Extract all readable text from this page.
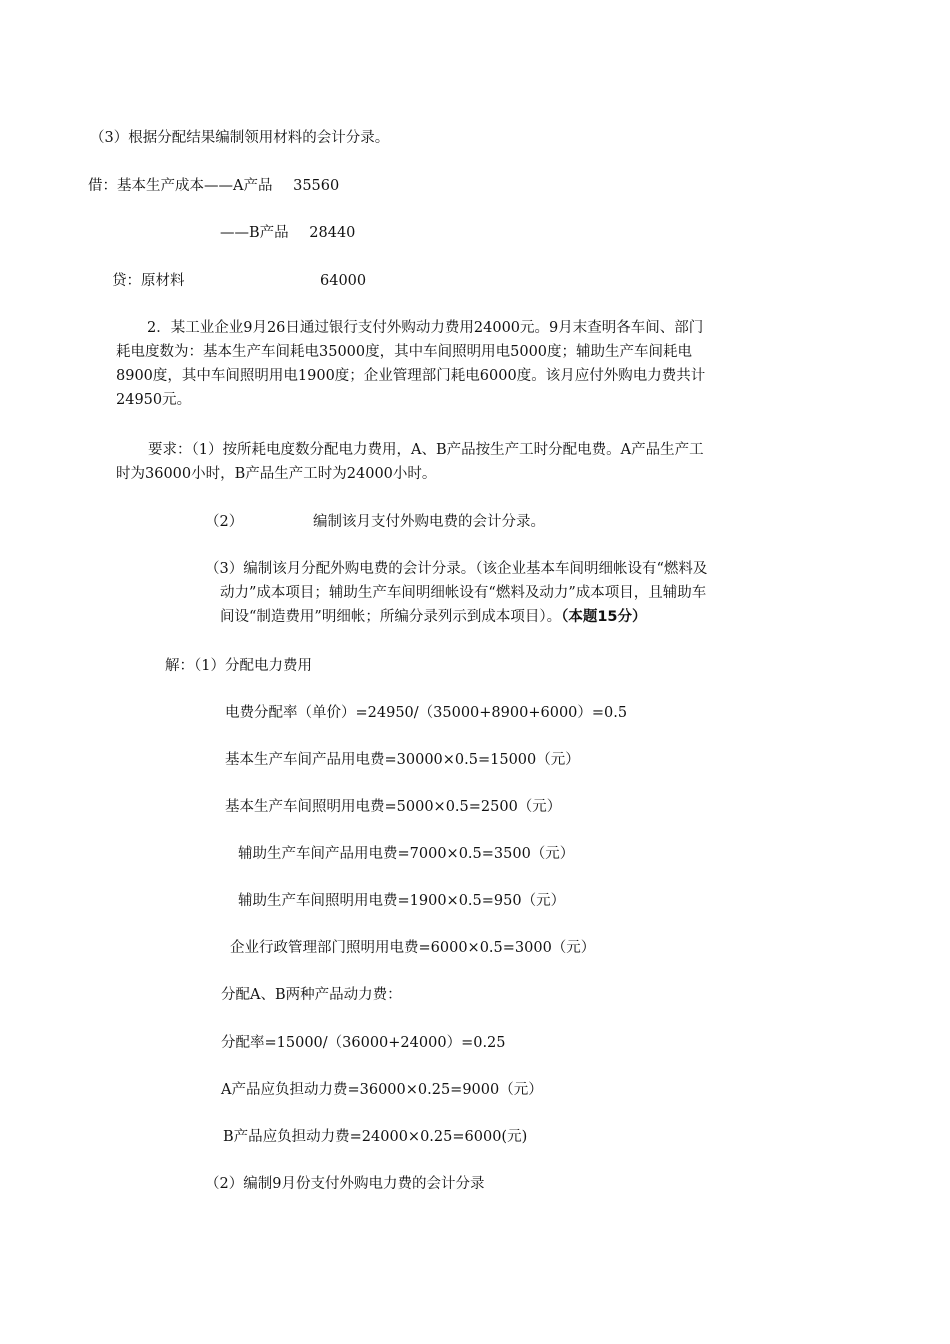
（3）根据分配结果编制领用材料的会计分录。
借：基本生产成本——A产品 35560
——B产品 28440
贷：原材料	64000
2．某工业企业9月26日通过银行支付外购动力费用24000元。9月末查明各车间、部门
耗电度数为：基本生产车间耗电35000度，其中车间照明用电5000度；辅助生产车间耗电
8900度，其中车间照明用电1900度；企业管理部门耗电6000度。该月应付外购电力费共计
24950元。
要求：（1）按所耗电度数分配电力费用，A、B产品按生产工时分配电费。A产品生产工
时为36000小时，B产品生产工时为24000小时。
（2）	编制该月支付外购电费的会计分录。
（3）编制该月分配外购电费的会计分录。（该企业基本车间明细帐设有“燃料及
动力”成本项目；辅助生产车间明细帐设有“燃料及动力”成本项目，且辅助车
间设“制造费用”明细帐；所编分录列示到成本项目）。（本题15分）
解：（1）分配电力费用
电费分配率（单价）=24950/（35000+8900+6000）=0.5
基本生产车间产品用电费=30000×0.5=15000（元）
基本生产车间照明用电费=5000×0.5=2500（元）
辅助生产车间产品用电费=7000×0.5=3500（元）
辅助生产车间照明用电费=1900×0.5=950（元）
企业行政管理部门照明用电费=6000×0.5=3000（元）
分配A、B两种产品动力费：
分配率=15000/（36000+24000）=0.25
A产品应负担动力费=36000×0.25=9000（元）
B产品应负担动力费=24000×0.25=6000(元)
（2）编制9月份支付外购电力费的会计分录
